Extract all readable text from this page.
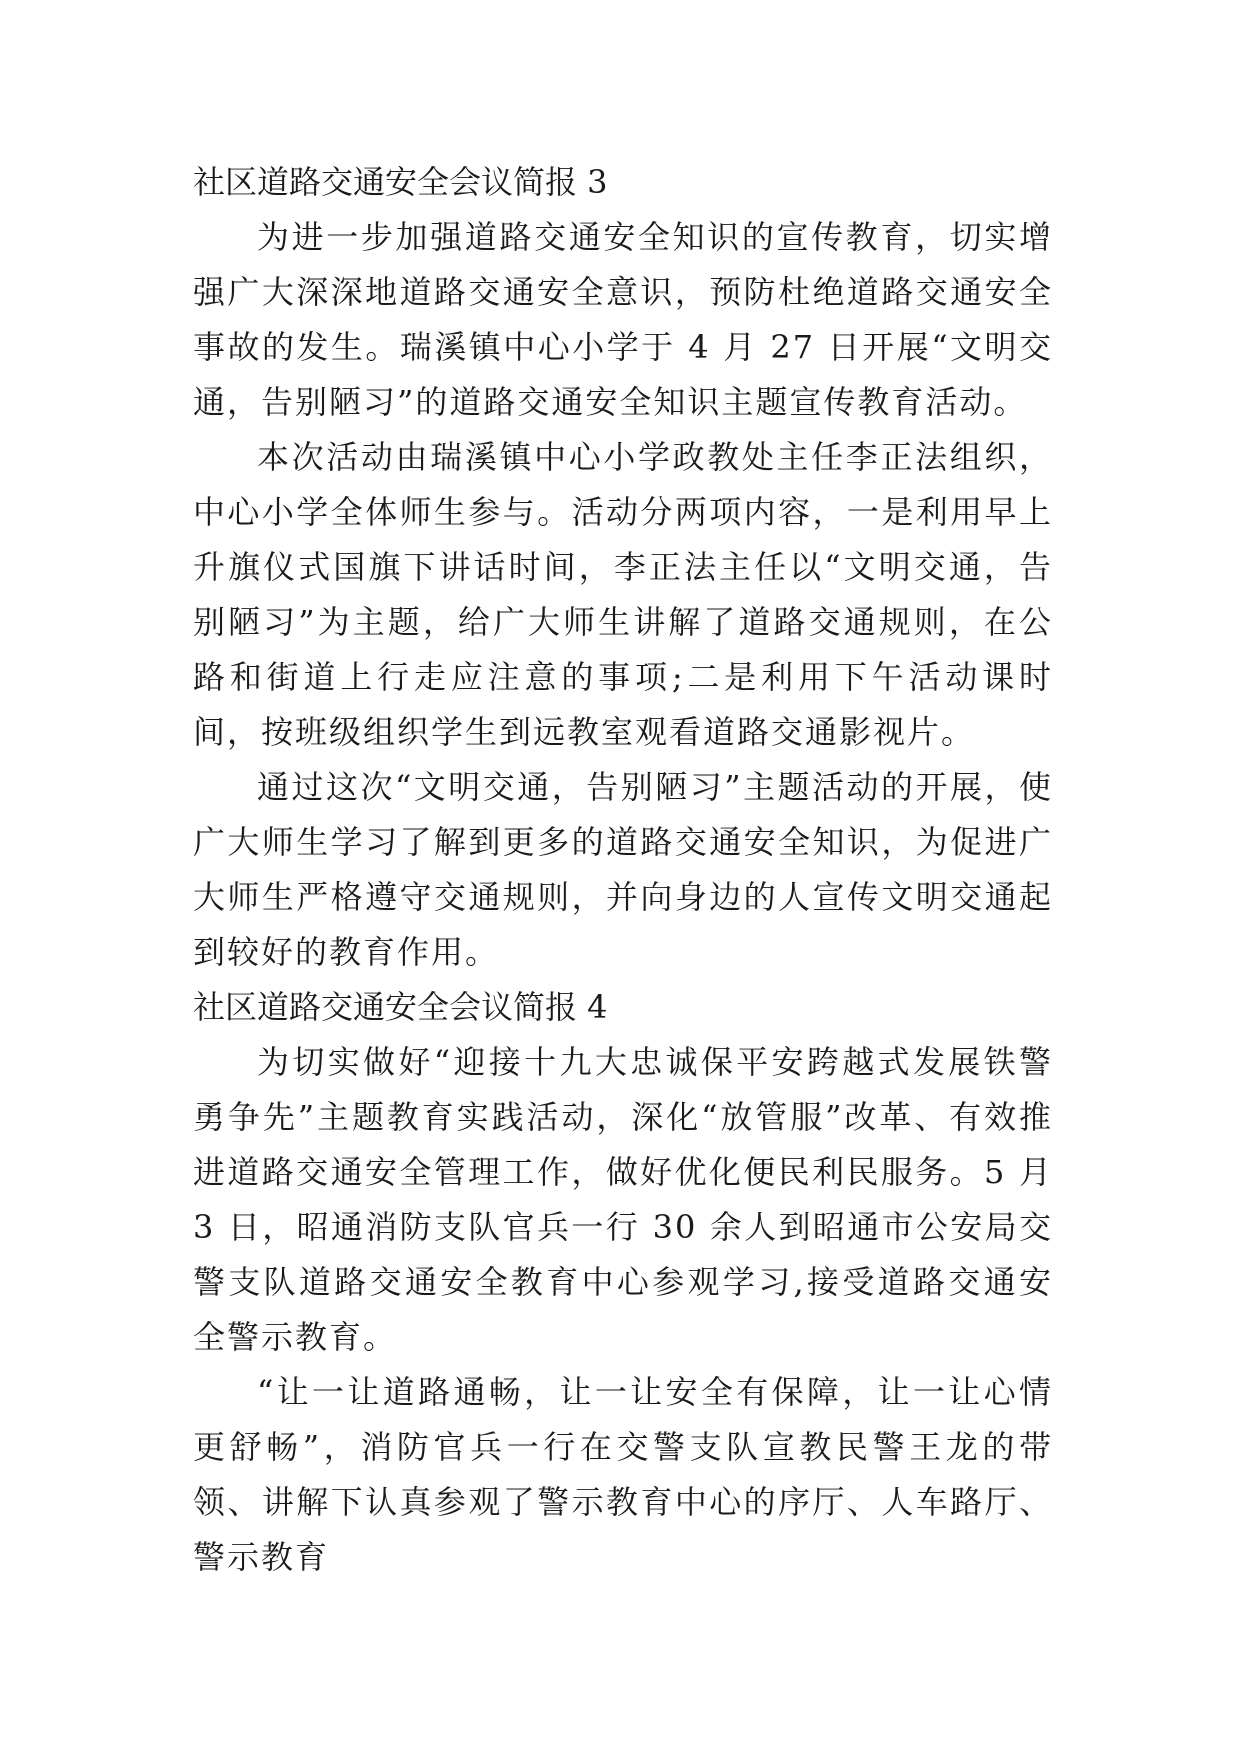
社区道路交通安全会议简报 3

为进一步加强道路交通安全知识的宣传教育，切实增强广大深深地道路交通安全意识，预防杜绝道路交通安全事故的发生。瑞溪镇中心小学于 4 月 27 日开展“文明交通，告别陋习”的道路交通安全知识主题宣传教育活动。

本次活动由瑞溪镇中心小学政教处主任李正法组织，中心小学全体师生参与。活动分两项内容，一是利用早上升旗仪式国旗下讲话时间，李正法主任以“文明交通，告别陋习”为主题，给广大师生讲解了道路交通规则，在公路和街道上行走应注意的事项;二是利用下午活动课时间，按班级组织学生到远教室观看道路交通影视片。

通过这次“文明交通，告别陋习”主题活动的开展，使广大师生学习了解到更多的道路交通安全知识，为促进广大师生严格遵守交通规则，并向身边的人宣传文明交通起到较好的教育作用。

社区道路交通安全会议简报 4

为切实做好“迎接十九大忠诚保平安跨越式发展铁警勇争先”主题教育实践活动，深化“放管服”改革、有效推进道路交通安全管理工作，做好优化便民利民服务。5 月 3 日，昭通消防支队官兵一行 30 余人到昭通市公安局交警支队道路交通安全教育中心参观学习,接受道路交通安全警示教育。

“让一让道路通畅，让一让安全有保障，让一让心情更舒畅”，消防官兵一行在交警支队宣教民警王龙的带领、讲解下认真参观了警示教育中心的序厅、人车路厅、警示教育
